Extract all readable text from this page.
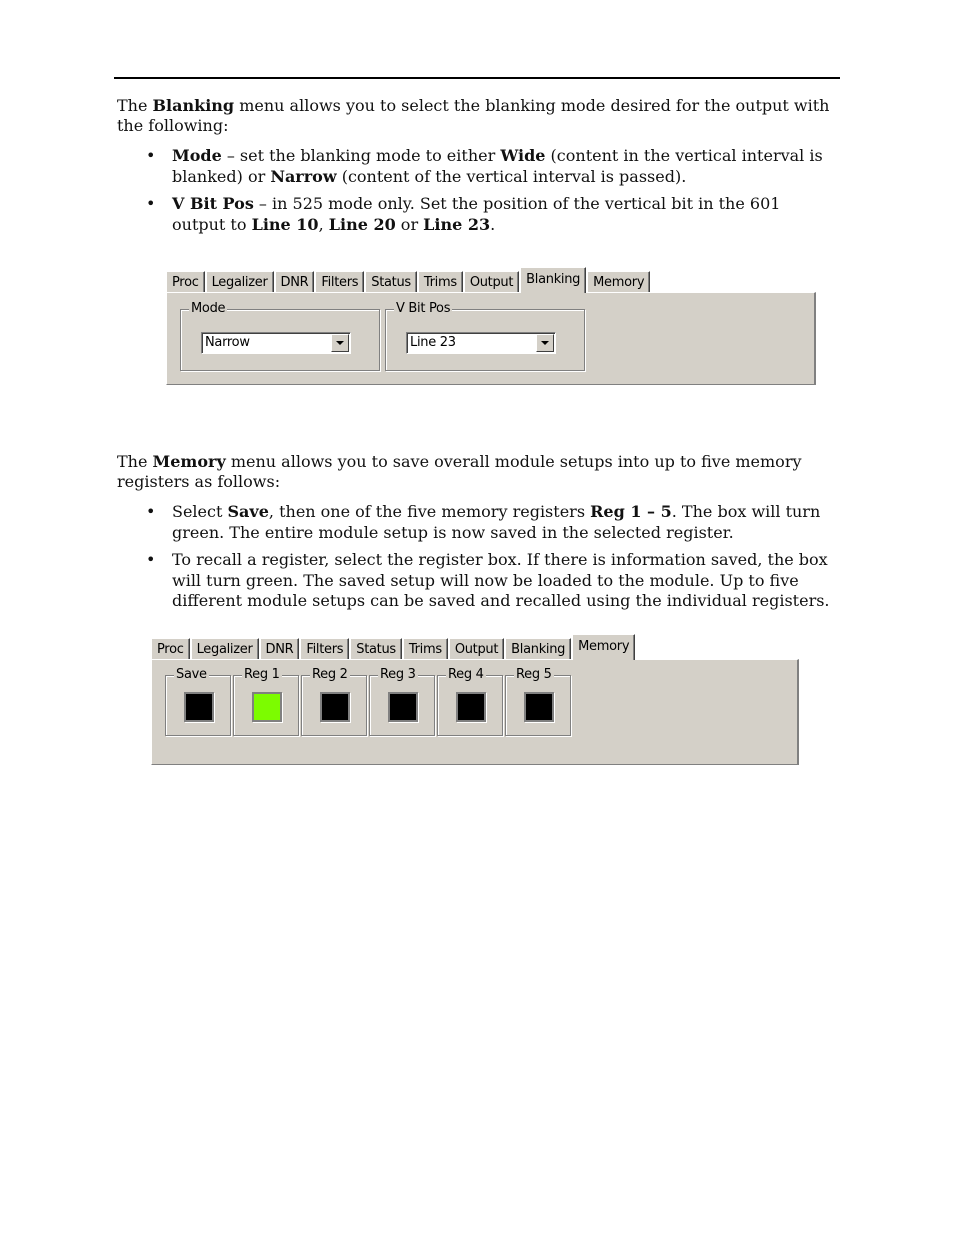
The Blanking menu allows you to select the blanking mode desired for the output with the following:

• Mode – set the blanking mode to either Wide (content in the vertical interval is blanked) or Narrow (content of the vertical interval is passed).
• V Bit Pos – in 525 mode only. Set the position of the vertical bit in the 601 output to Line 10, Line 20 or Line 23.
Proc	Legalizer	DNR	Filters	Status	Trims	Output	Blanking	Memory
Mode
Narrow
V Bit Pos
Line 23

The Memory menu allows you to save overall module setups into up to five memory registers as follows:

• Select Save, then one of the five memory registers Reg 1 – 5. The box will turn green. The entire module setup is now saved in the selected register.
• To recall a register, select the register box. If there is information saved, the box will turn green. The saved setup will now be loaded to the module. Up to five different module setups can be saved and recalled using the individual registers.
Proc	Legalizer	DNR	Filters	Status	Trims	Output	Blanking	Memory
Save	Reg 1 Reg 2 Reg 3 Reg 4 Reg 5
